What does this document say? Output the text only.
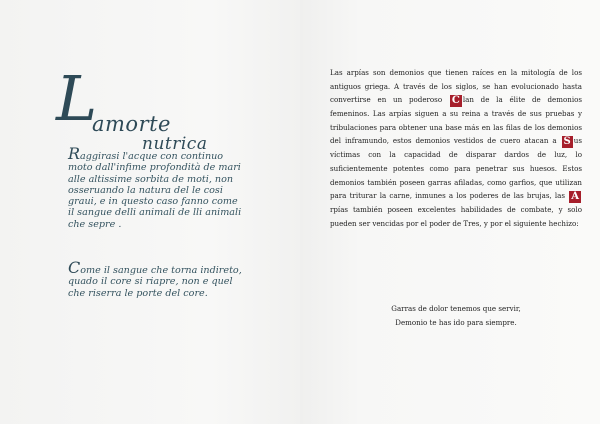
L
amorte
nutrica
Raggirasi l'acque con continuo moto dall'infime profondità de mari alle altissime sorbita de moti, non osseruando la natura del le cosi graui, e in questo caso fanno come il sangue delli animali de lli animali che sepre .
Come il sangue che torna indireto, quado il core si riapre, non e quel che riserra le porte del core.
Las arpías son demonios que tienen raíces en la mitología de los antiguos griega. A través de los siglos, se han evolucionado hasta convertirse en un poderoso C lan de la élite de demonios femeninos. Las arpías siguen a su reina a través de sus pruebas y tribulaciones para obtener una base más en las filas de los demonios del inframundo, estos demonios vestidos de cuero atacan a S us víctimas con la capacidad de disparar dardos de luz, lo suficientemente potentes como para penetrar sus huesos. Estos demonios también poseen garras afiladas, como garfios, que utilizan para triturar la carne, inmunes a los poderes de las brujas, las Arpías también poseen excelentes habilidades de combate, y solo pueden ser vencidas por el poder de Tres, y por el siguiente hechizo:
Garras de dolor tenemos que servir,
Demonio te has ido para siempre.
